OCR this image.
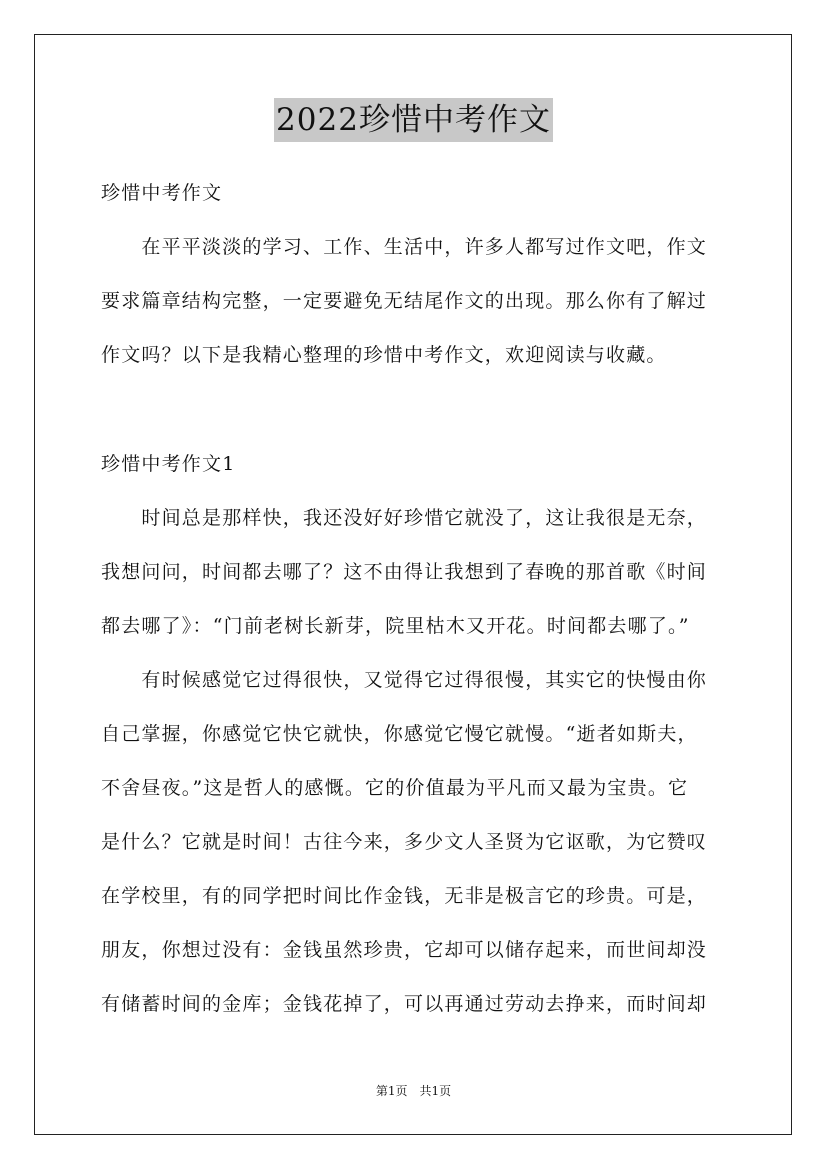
2022珍惜中考作文
珍惜中考作文
　　在平平淡淡的学习、工作、生活中，许多人都写过作文吧，作文
要求篇章结构完整，一定要避免无结尾作文的出现。那么你有了解过
作文吗？以下是我精心整理的珍惜中考作文，欢迎阅读与收藏。
珍惜中考作文1
　　时间总是那样快，我还没好好珍惜它就没了，这让我很是无奈，
我想问问，时间都去哪了？这不由得让我想到了春晚的那首歌《时间
都去哪了》：“门前老树长新芽，院里枯木又开花。时间都去哪了。”
　　有时候感觉它过得很快，又觉得它过得很慢，其实它的快慢由你
自己掌握，你感觉它快它就快，你感觉它慢它就慢。“逝者如斯夫，
不舍昼夜。”这是哲人的感慨。它的价值最为平凡而又最为宝贵。它
是什么？它就是时间！古往今来，多少文人圣贤为它讴歌，为它赞叹
在学校里，有的同学把时间比作金钱，无非是极言它的珍贵。可是，
朋友，你想过没有：金钱虽然珍贵，它却可以储存起来，而世间却没
有储蓄时间的金库；金钱花掉了，可以再通过劳动去挣来，而时间却
第1页　共1页
